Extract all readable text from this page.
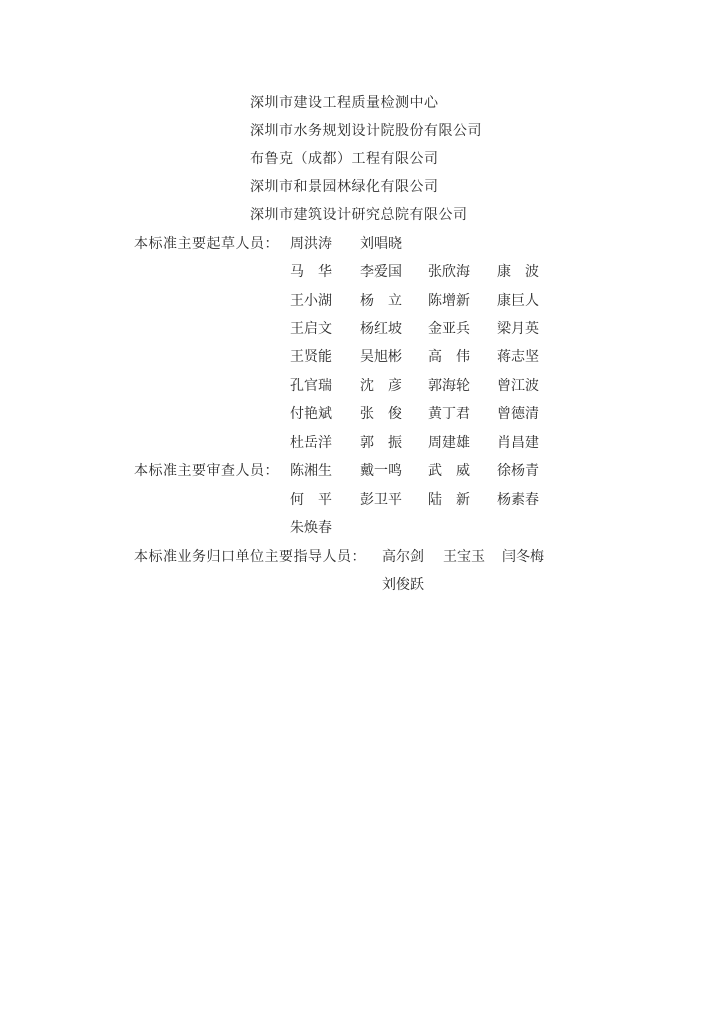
深圳市建设工程质量检测中心
深圳市水务规划设计院股份有限公司
布鲁克（成都）工程有限公司
深圳市和景园林绿化有限公司
深圳市建筑设计研究总院有限公司
本标准主要起草人员： 周洪涛 刘唱晓
马　华 李爱国 张欣海 康　波
王小湖 杨　立 陈增新 康巨人
王启文 杨红坡 金亚兵 梁月英
王贤能 吴旭彬 高　伟 蒋志坚
孔官瑞 沈　彦 郭海轮 曾江波
付艳斌 张　俊 黄丁君 曾德清
杜岳洋 郭　振 周建雄 肖昌建
本标准主要审查人员： 陈湘生 戴一鸣 武　威 徐杨青
何　平 彭卫平 陆　新 杨素春
朱焕春
本标准业务归口单位主要指导人员： 高尔剑 王宝玉 闫冬梅
刘俊跃
